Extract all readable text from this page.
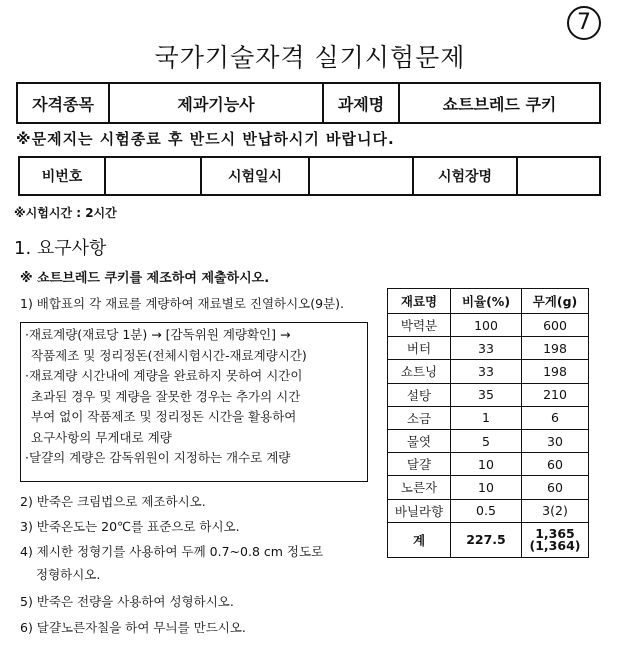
7
국가기술자격 실기시험문제
자격종목	제과기능사	과제명	쇼트브레드 쿠키
※문제지는 시험종료 후 반드시 반납하시기 바랍니다.
비번호		시험일시		시험장명	
※시험시간 : 2시간
1. 요구사항
※ 쇼트브레드 쿠키를 제조하여 제출하시오.
1) 배합표의 각 재료를 계량하여 재료별로 진열하시오(9분).
·재료계량(재료당 1분) → [감독위원 계량확인] →
작품제조 및 정리정돈(전체시험시간-재료계량시간)
·재료계량 시간내에 계량을 완료하지 못하여 시간이
초과된 경우 및 계량을 잘못한 경우는 추가의 시간
부여 없이 작품제조 및 정리정돈 시간을 활용하여
요구사항의 무게대로 계량
·달걀의 계량은 감독위원이 지정하는 개수로 계량
2) 반죽은 크림법으로 제조하시오.
3) 반죽온도는 20℃를 표준으로 하시오.
4) 제시한 정형기를 사용하여 두께 0.7~0.8 cm 정도로
정형하시오.
5) 반죽은 전량을 사용하여 성형하시오.
6) 달걀노른자칠을 하여 무늬를 만드시오.
재료명	비율(%)	무게(g)
박력분	100	600
버터	33	198
쇼트닝	33	198
설탕	35	210
소금	1	6
물엿	5	30
달걀	10	60
노른자	10	60
바닐라향	0.5	3(2)
계	227.5	1,365
(1,364)
